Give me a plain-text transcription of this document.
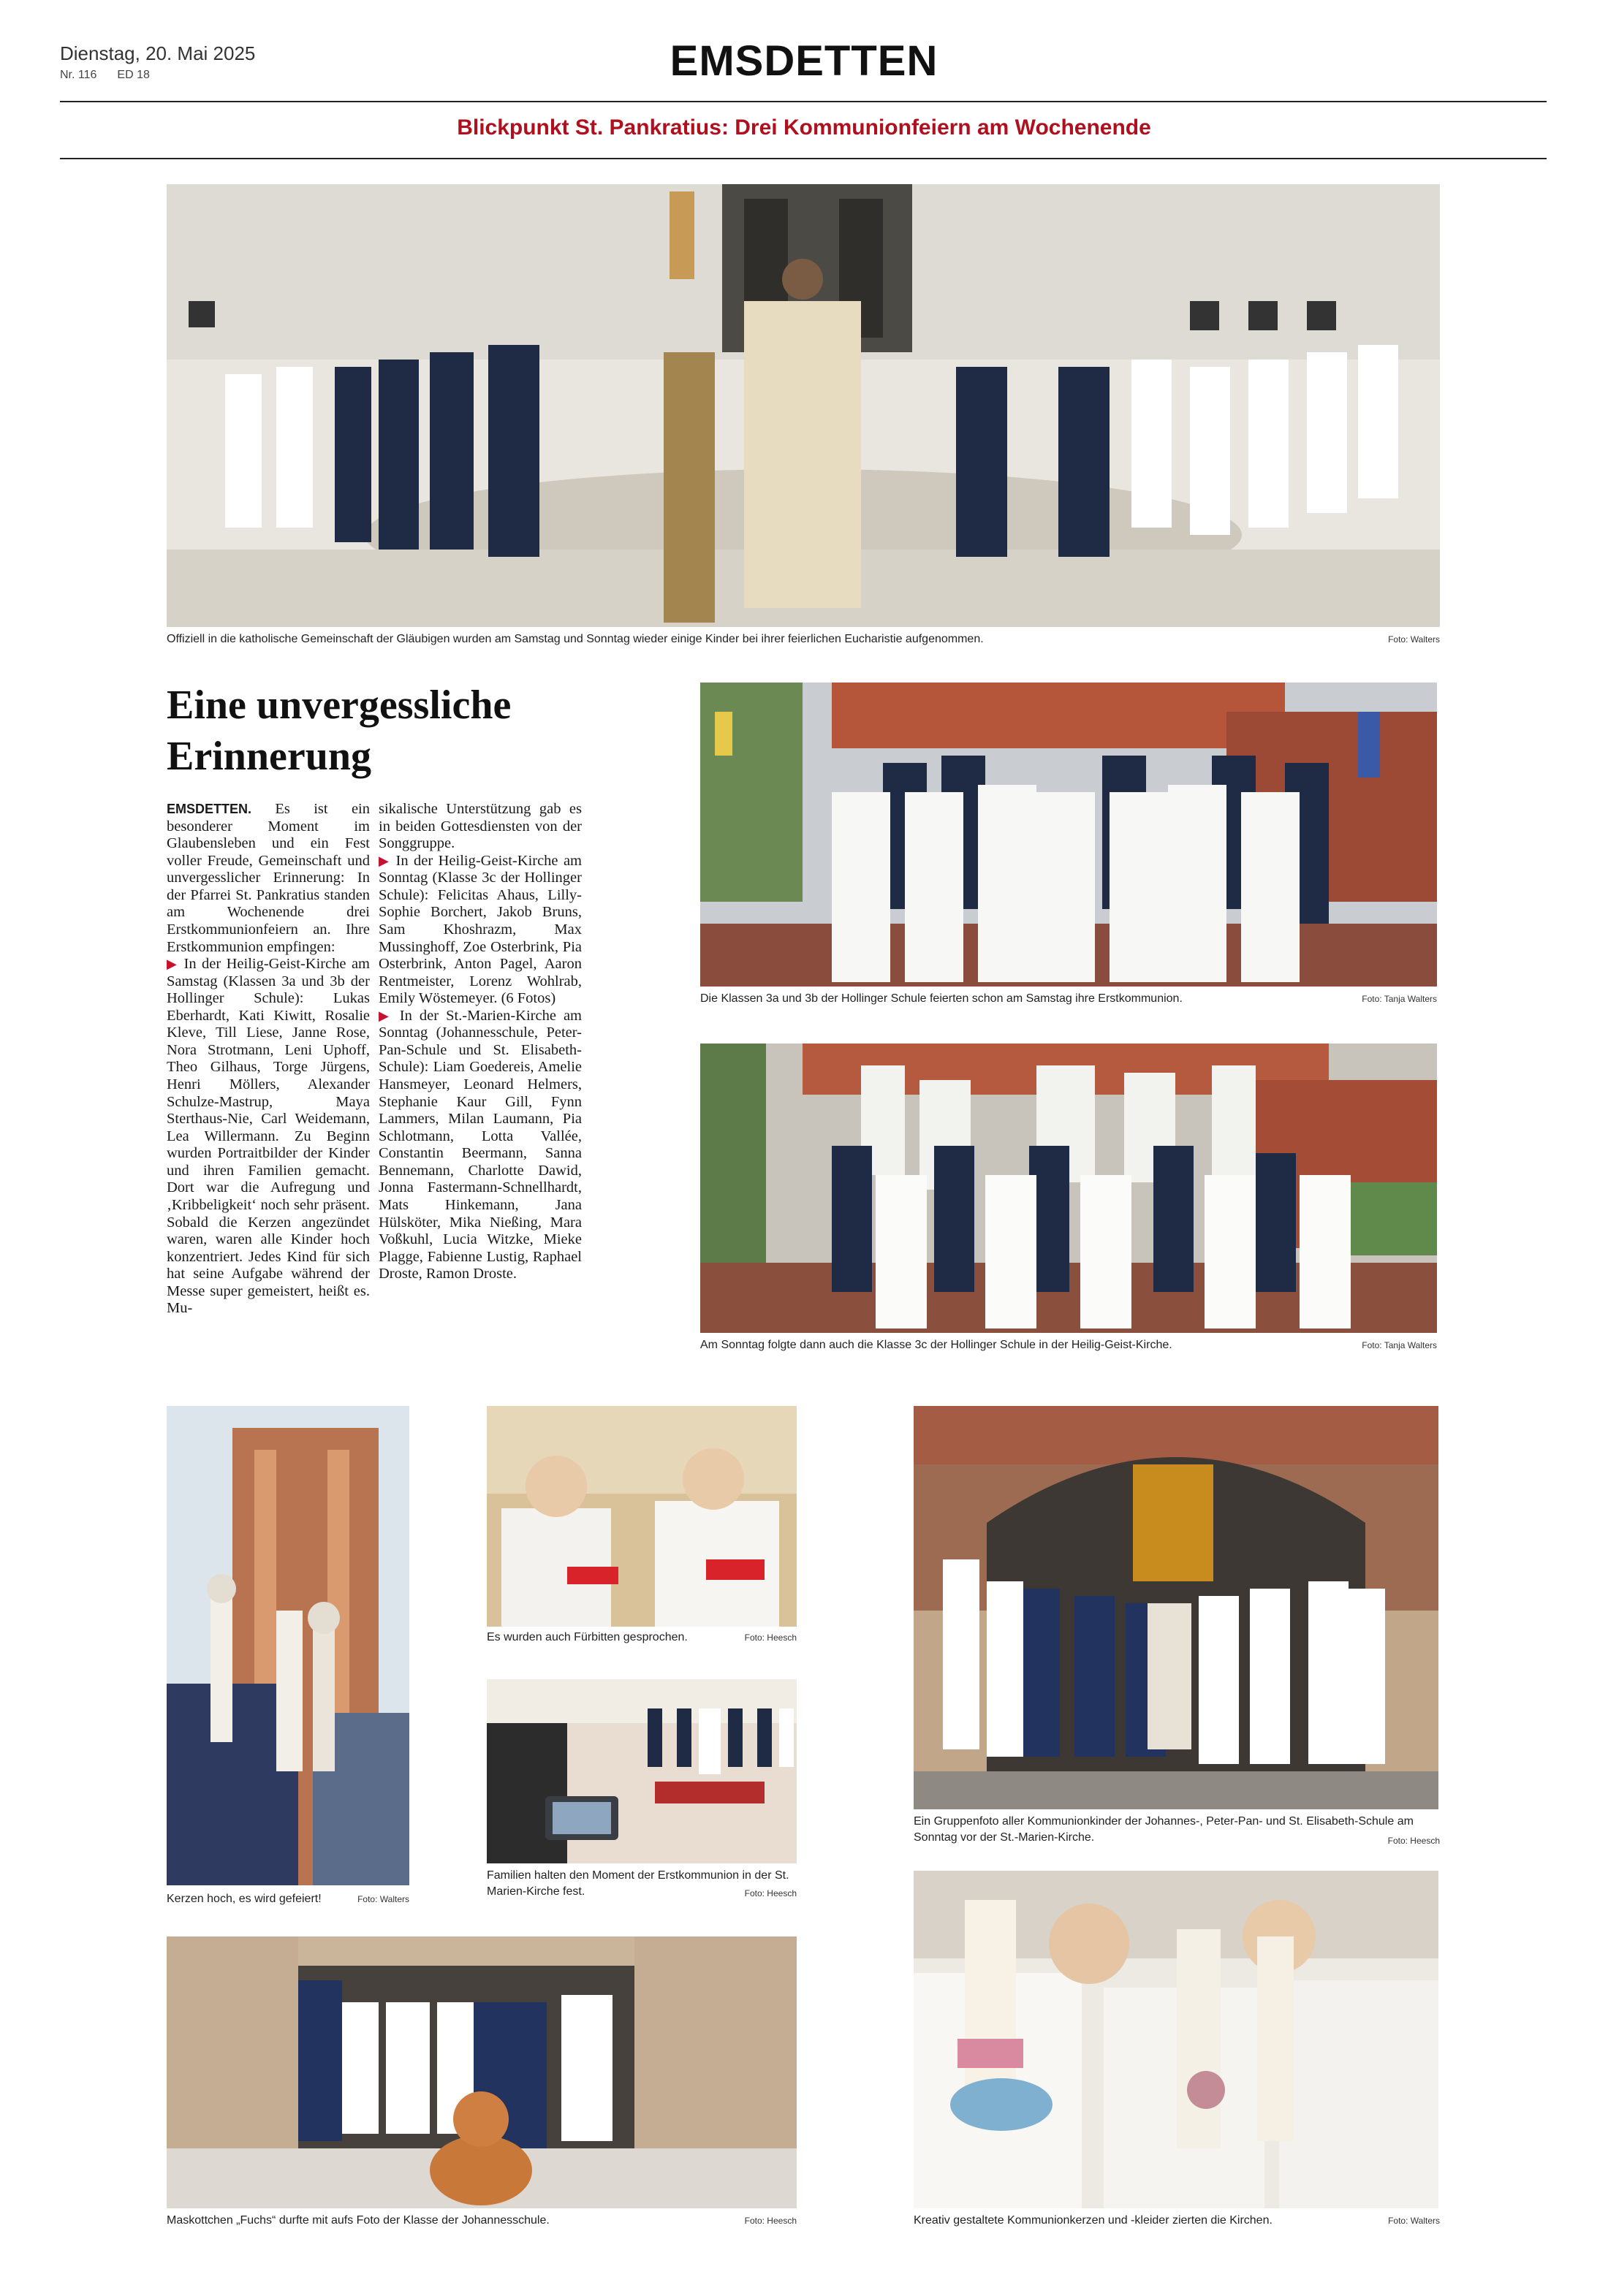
Dienstag, 20. Mai 2025
Nr. 116 ED 18	EMSDETTEN
Blickpunkt St. Pankratius: Drei Kommunionfeiern am Wochenende
Offiziell in die katholische Gemeinschaft der Gläubigen wurden am Samstag und Sonntag wieder einige Kinder bei ihrer feierlichen Eucharistie aufgenommen.	Foto: Walters
Eine unvergessliche
Erinnerung

EMSDETTEN. Es ist ein besonderer Moment im Glaubensleben und ein Fest voller Freude, Gemeinschaft und unvergesslicher Erinnerung: In der Pfarrei St. Pankratius standen am Wochenende drei Erstkommunionfeiern an. Ihre Erstkommunion empfingen:

▶ In der Heilig-Geist-Kirche am Samstag (Klassen 3a und 3b der Hollinger Schule): Lukas Eberhardt, Kati Kiwitt, Rosalie Kleve, Till Liese, Janne Rose, Nora Strotmann, Leni Uphoff, Theo Gilhaus, Torge Jürgens, Henri Möllers, Alexander Schulze-Mastrup, Maya Sterthaus-Nie, Carl Weidemann, Lea Willermann. Zu Beginn wurden Portraitbilder der Kinder und ihren Familien gemacht. Dort war die Aufregung und ‚Kribbeligkeit‘ noch sehr präsent. Sobald die Kerzen angezündet waren, waren alle Kinder hoch konzentriert. Jedes Kind für sich hat seine Aufgabe während der Messe super gemeistert, heißt es. Mu-

sikalische Unterstützung gab es in beiden Gottesdiensten von der Songgruppe.

▶ In der Heilig-Geist-Kirche am Sonntag (Klasse 3c der Hollinger Schule): Felicitas Ahaus, Lilly-Sophie Borchert, Jakob Bruns, Sam Khoshrazm, Max Mussinghoff, Zoe Osterbrink, Pia Osterbrink, Anton Pagel, Aaron Rentmeister, Lorenz Wohlrab, Emily Wöstemeyer. (6 Fotos)

▶ In der St.-Marien-Kirche am Sonntag (Johannesschule, Peter-Pan-Schule und St. Elisabeth-Schule): Liam Goedereis, Amelie Hansmeyer, Leonard Helmers, Stephanie Kaur Gill, Fynn Lammers, Milan Laumann, Pia Schlotmann, Lotta Vallée, Constantin Beermann, Sanna Bennemann, Charlotte Dawid, Jonna Fastermann-Schnellhardt, Mats Hinkemann, Jana Hülsköter, Mika Nießing, Mara Voßkuhl, Lucia Witzke, Mieke Plagge, Fabienne Lustig, Raphael Droste, Ramon Droste.

Die Klassen 3a und 3b der Hollinger Schule feierten schon am Samstag ihre Erstkommunion.	Foto: Tanja Walters
Am Sonntag folgte dann auch die Klasse 3c der Hollinger Schule in der Heilig-Geist-Kirche.	Foto: Tanja Walters
Kerzen hoch, es wird gefeiert!	Foto: Walters
Es wurden auch Fürbitten gesprochen.	Foto: Heesch
Familien halten den Moment der Erstkommunion in der St. Marien-Kirche fest.	Foto: Heesch
Ein Gruppenfoto aller Kommunionkinder der Johannes-, Peter-Pan- und St. Elisabeth-Schule am Sonntag vor der St.-Marien-Kirche.	Foto: Heesch
Maskottchen „Fuchs“ durfte mit aufs Foto der Klasse der Johannesschule.	Foto: Heesch	Kreativ gestaltete Kommunionkerzen und -kleider zierten die Kirchen.	Foto: Walters
